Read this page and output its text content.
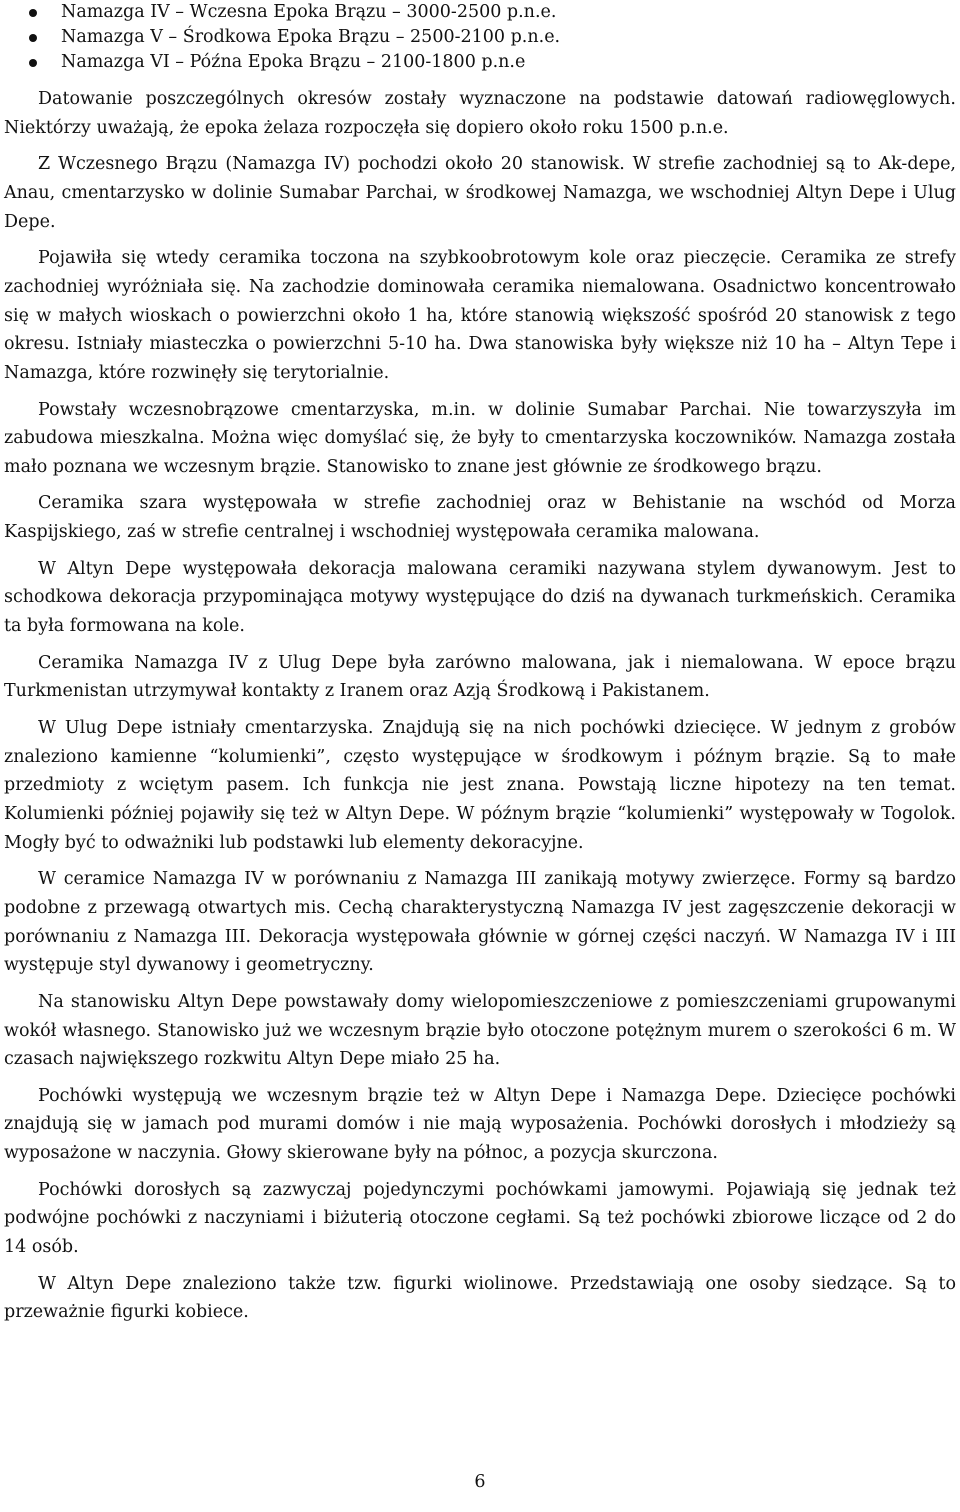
Namazga IV – Wczesna Epoka Brązu – 3000-2500 p.n.e.
Namazga V – Środkowa Epoka Brązu – 2500-2100 p.n.e.
Namazga VI – Późna Epoka Brązu – 2100-1800 p.n.e

Datowanie poszczególnych okresów zostały wyznaczone na podstawie datowań radiowęglowych. Niektórzy uważają, że epoka żelaza rozpoczęła się dopiero około roku 1500 p.n.e.

Z Wczesnego Brązu (Namazga IV) pochodzi około 20 stanowisk. W strefie zachodniej są to Ak-depe, Anau, cmentarzysko w dolinie Sumabar Parchai, w środkowej Namazga, we wschodniej Altyn Depe i Ulug Depe.

Pojawiła się wtedy ceramika toczona na szybkoobrotowym kole oraz pieczęcie. Ceramika ze strefy zachodniej wyróżniała się. Na zachodzie dominowała ceramika niemalowana. Osadnictwo koncentrowało się w małych wioskach o powierzchni około 1 ha, które stanowią większość spośród 20 stanowisk z tego okresu. Istniały miasteczka o powierzchni 5-10 ha. Dwa stanowiska były większe niż 10 ha – Altyn Tepe i Namazga, które rozwinęły się terytorialnie.

Powstały wczesnobrązowe cmentarzyska, m.in. w dolinie Sumabar Parchai. Nie towarzyszyła im zabudowa mieszkalna. Można więc domyślać się, że były to cmentarzyska koczowników. Namazga została mało poznana we wczesnym brązie. Stanowisko to znane jest głównie ze środkowego brązu.

Ceramika szara występowała w strefie zachodniej oraz w Behistanie na wschód od Morza Kaspijskiego, zaś w strefie centralnej i wschodniej występowała ceramika malowana.

W Altyn Depe występowała dekoracja malowana ceramiki nazywana stylem dywanowym. Jest to schodkowa dekoracja przypominająca motywy występujące do dziś na dywanach turkmeńskich. Ceramika ta była formowana na kole.

Ceramika Namazga IV z Ulug Depe była zarówno malowana, jak i niemalowana. W epoce brązu Turkmenistan utrzymywał kontakty z Iranem oraz Azją Środkową i Pakistanem.

W Ulug Depe istniały cmentarzyska. Znajdują się na nich pochówki dziecięce. W jednym z grobów znaleziono kamienne “kolumienki”, często występujące w środkowym i późnym brązie. Są to małe przedmioty z wciętym pasem. Ich funkcja nie jest znana. Powstają liczne hipotezy na ten temat. Kolumienki później pojawiły się też w Altyn Depe. W późnym brązie “kolumienki” występowały w Togolok. Mogły być to odważniki lub podstawki lub elementy dekoracyjne.

W ceramice Namazga IV w porównaniu z Namazga III zanikają motywy zwierzęce. Formy są bardzo podobne z przewagą otwartych mis. Cechą charakterystyczną Namazga IV jest zagęszczenie dekoracji w porównaniu z Namazga III. Dekoracja występowała głównie w górnej części naczyń. W Namazga IV i III występuje styl dywanowy i geometryczny.

Na stanowisku Altyn Depe powstawały domy wielopomieszczeniowe z pomieszczeniami grupowanymi wokół własnego. Stanowisko już we wczesnym brązie było otoczone potężnym murem o szerokości 6 m. W czasach największego rozkwitu Altyn Depe miało 25 ha.

Pochówki występują we wczesnym brązie też w Altyn Depe i Namazga Depe. Dziecięce pochówki znajdują się w jamach pod murami domów i nie mają wyposażenia. Pochówki dorosłych i młodzieży są wyposażone w naczynia. Głowy skierowane były na północ, a pozycja skurczona.

Pochówki dorosłych są zazwyczaj pojedynczymi pochówkami jamowymi. Pojawiają się jednak też podwójne pochówki z naczyniami i biżuterią otoczone cegłami. Są też pochówki zbiorowe liczące od 2 do 14 osób.

W Altyn Depe znaleziono także tzw. figurki wiolinowe. Przedstawiają one osoby siedzące. Są to przeważnie figurki kobiece.

6
